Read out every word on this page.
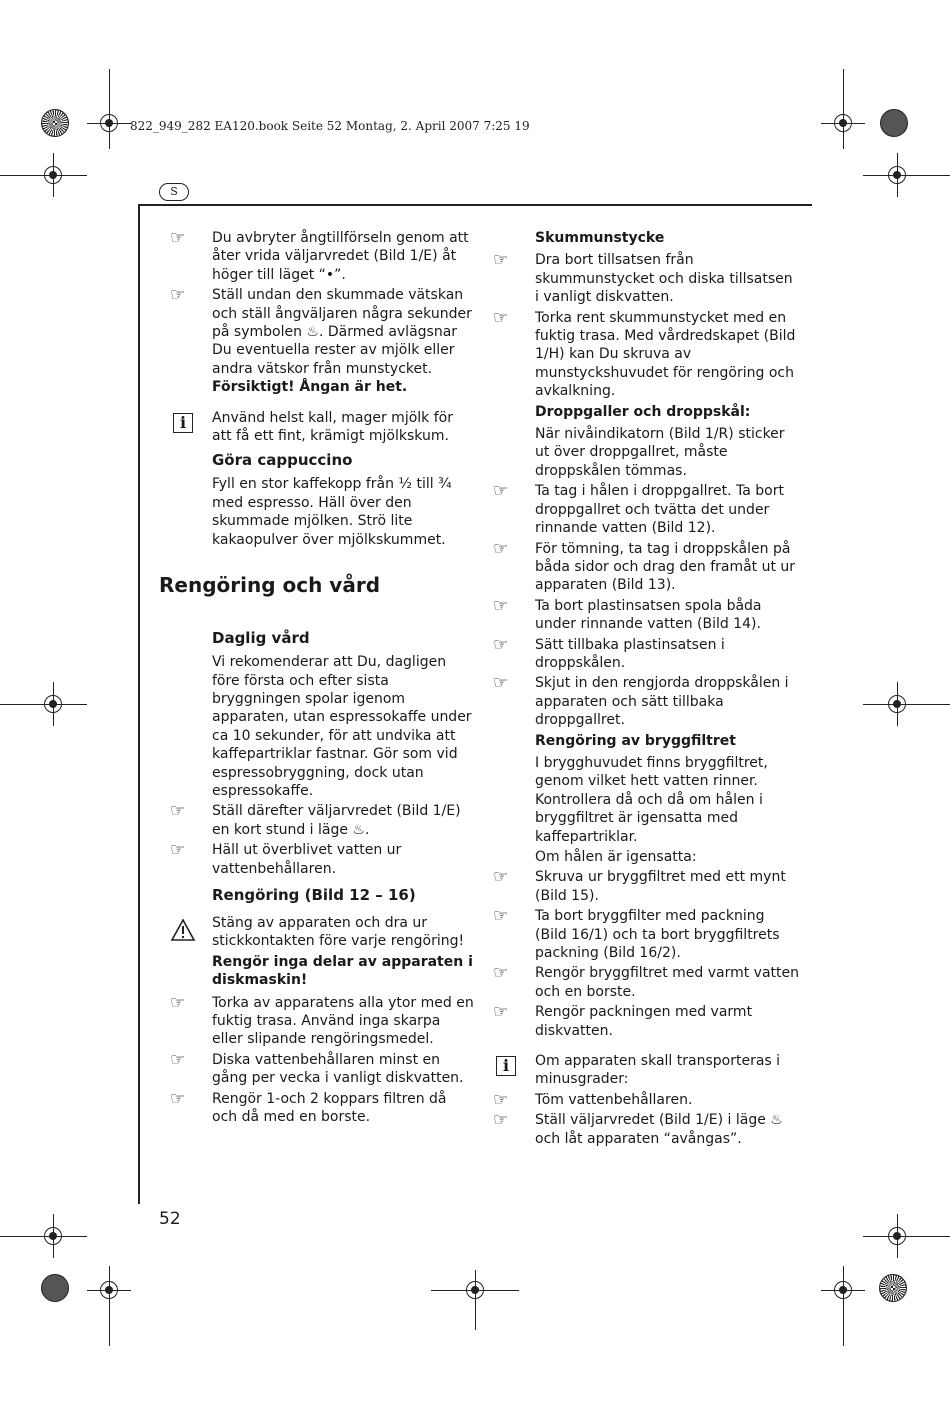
822_949_282 EA120.book Seite 52 Montag, 2. April 2007 7:25 19
S
☞	Du avbryter ångtillförseln genom att åter vrida väljarvredet (Bild 1/E) åt höger till läget “•”.
☞	Ställ undan den skummade vätskan och ställ ångväljaren några sekunder på symbolen ♨. Därmed avlägsnar Du eventuella rester av mjölk eller andra vätskor från munstycket. Försiktigt! Ångan är het.
i	Använd helst kall, mager mjölk för att få ett fint, krämigt mjölkskum.
Göra cappuccino
Fyll en stor kaffekopp från ½ till ¾ med espresso. Häll över den skummade mjölken. Strö lite kakaopulver över mjölkskummet.
Daglig vård
Vi rekomenderar att Du, dagligen före första och efter sista bryggningen spolar igenom apparaten, utan espressokaffe under ca 10 sekunder, för att undvika att kaffepartriklar fastnar. Gör som vid espressobryggning, dock utan espressokaffe.
☞	Ställ därefter väljarvredet (Bild 1/E) en kort stund i läge ♨.
☞	Häll ut överblivet vatten ur vattenbehållaren.
Rengöring (Bild 12 – 16)
Stäng av apparaten och dra ur stickkontakten före varje rengöring!
Rengör inga delar av apparaten i diskmaskin!
☞	Torka av apparatens alla ytor med en fuktig trasa. Använd inga skarpa eller slipande rengöringsmedel.
☞	Diska vattenbehållaren minst en gång per vecka i vanligt diskvatten.
☞	Rengör 1-och 2 koppars filtren då och då med en borste.
Rengöring och vård
Skummunstycke
☞	Dra bort tillsatsen från skummunstycket och diska tillsatsen i vanligt diskvatten.
☞	Torka rent skummunstycket med en fuktig trasa. Med vårdredskapet (Bild 1/H) kan Du skruva av munstyckshuvudet för rengöring och avkalkning.
Droppgaller och droppskål:
När nivåindikatorn (Bild 1/R) sticker ut över droppgallret, måste droppskålen tömmas.
☞	Ta tag i hålen i droppgallret. Ta bort droppgallret och tvätta det under rinnande vatten (Bild 12).
☞	För tömning, ta tag i droppskålen på båda sidor och drag den framåt ut ur apparaten (Bild 13).
☞	Ta bort plastinsatsen spola båda under rinnande vatten (Bild 14).
☞	Sätt tillbaka plastinsatsen i droppskålen.
☞	Skjut in den rengjorda droppskålen i apparaten och sätt tillbaka droppgallret.
Rengöring av bryggfiltret
I brygghuvudet finns bryggfiltret, genom vilket hett vatten rinner. Kontrollera då och då om hålen i bryggfiltret är igensatta med kaffepartriklar.
Om hålen är igensatta:
☞	Skruva ur bryggfiltret med ett mynt (Bild 15).
☞	Ta bort bryggfilter med packning (Bild 16/1) och ta bort bryggfiltrets packning (Bild 16/2).
☞	Rengör bryggfiltret med varmt vatten och en borste.
☞	Rengör packningen med varmt diskvatten.
i	Om apparaten skall transporteras i minusgrader:
☞	Töm vattenbehållaren.
☞	Ställ väljarvredet (Bild 1/E) i läge ♨ och låt apparaten “avångas”.
52
